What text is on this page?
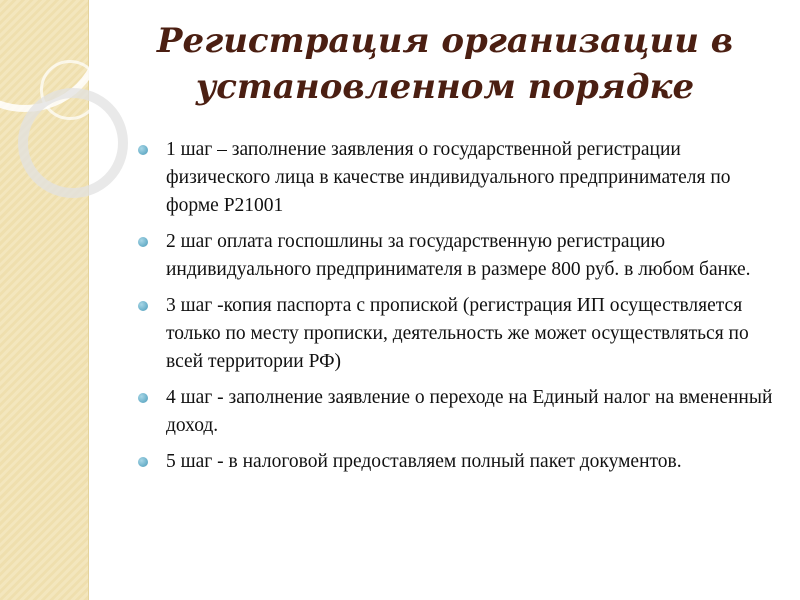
Регистрация организации в установленном порядке
1 шаг – заполнение заявления о государственной регистрации физического лица в качестве индивидуального предпринимателя по форме Р21001
2 шаг оплата госпошлины за государственную регистрацию индивидуального предпринимателя в размере 800 руб. в любом банке.
3 шаг -копия паспорта с пропиской (регистрация ИП осуществляется только по месту прописки, деятельность же может осуществляться по всей территории РФ)
4 шаг - заполнение заявление о переходе на Единый налог на вмененный доход.
5 шаг - в налоговой предоставляем полный пакет документов.
